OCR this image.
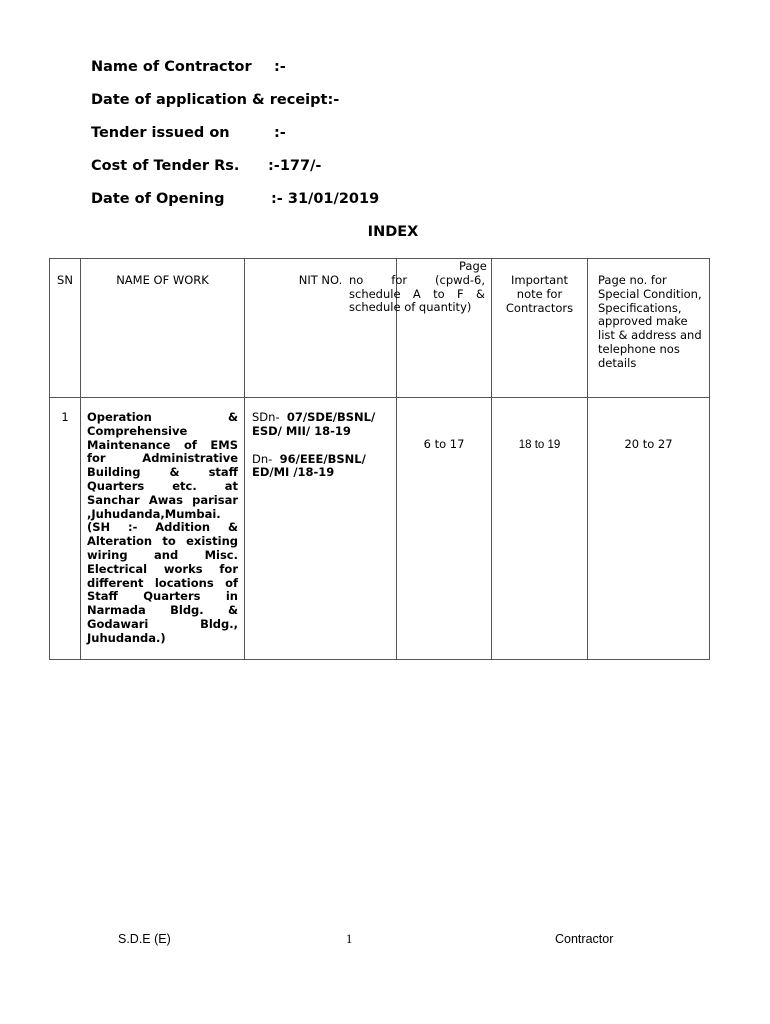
Name of Contractor :-
Date of application & receipt:-
Tender issued on	:-
Cost of Tender Rs. :-177/-
Date of Opening	:- 31/01/2019
INDEX
SN	NAME OF WORK	NIT NO.	Page no for (cpwd-6, schedule A to F & schedule of quantity)	Important note for Contractors	Page no. for Special Condition, Specifications, approved make list & address and telephone nos details

1	Operation & Comprehensive Maintenance of EMS for Administrative Building & staff Quarters etc. at Sanchar Awas parisar ,Juhudanda,Mumbai. (SH :- Addition & Alteration to existing wiring and Misc. Electrical works for different locations of Staff Quarters in Narmada Bldg. & Godawari Bldg., Juhudanda.)	SDn- 07/SDE/BSNL/ ESD/ MII/ 18-19
Dn- 96/EEE/BSNL/ ED/MI /18-19	6 to 17	18 to 19	20 to 27
S.D.E (E)	1	Contractor
